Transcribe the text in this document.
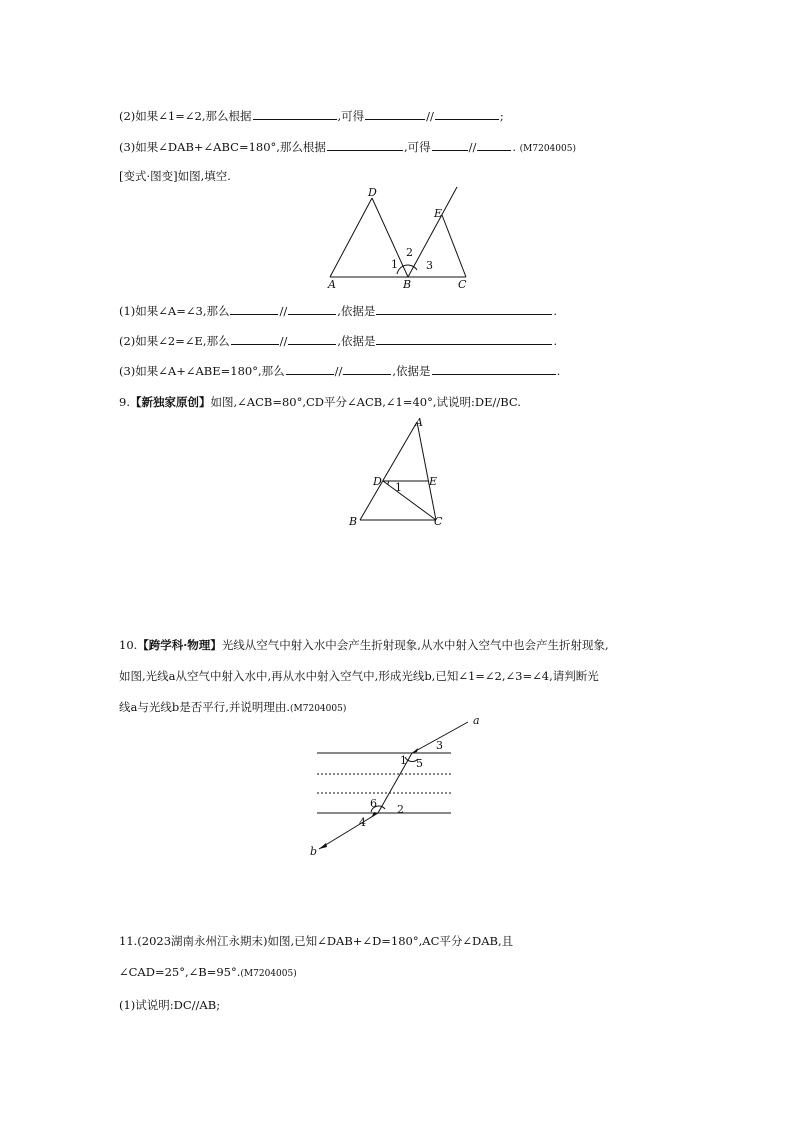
(2)如果∠1=∠2,那么根据	,可得	//	;
(3)如果∠DAB+∠ABC=180°,那么根据	,可得	//	. (M7204005)
[变式·图变]如图,填空.
D
E
A	B	C
1
2
3
(1)如果∠A=∠3,那么	//	,依据是	.
(2)如果∠2=∠E,那么	//	,依据是	.
(3)如果∠A+∠ABE=180°,那么	//	,依据是	.
9.【新独家原创】如图,∠ACB=80°,CD平分∠ACB,∠1=40°,试说明:DE//BC.
A
D	E
B	C
1
10.【跨学科·物理】光线从空气中射入水中会产生折射现象,从水中射入空气中也会产生折射现象,
如图,光线a从空气中射入水中,再从水中射入空气中,形成光线b,已知∠1=∠2,∠3=∠4,请判断光
线a与光线b是否平行,并说明理由.(M7204005)
a
b
1
3
5
6 2
4
11.(2023湖南永州江永期末)如图,已知∠DAB+∠D=180°,AC平分∠DAB,且
∠CAD=25°,∠B=95°.(M7204005)
(1)试说明:DC//AB;
